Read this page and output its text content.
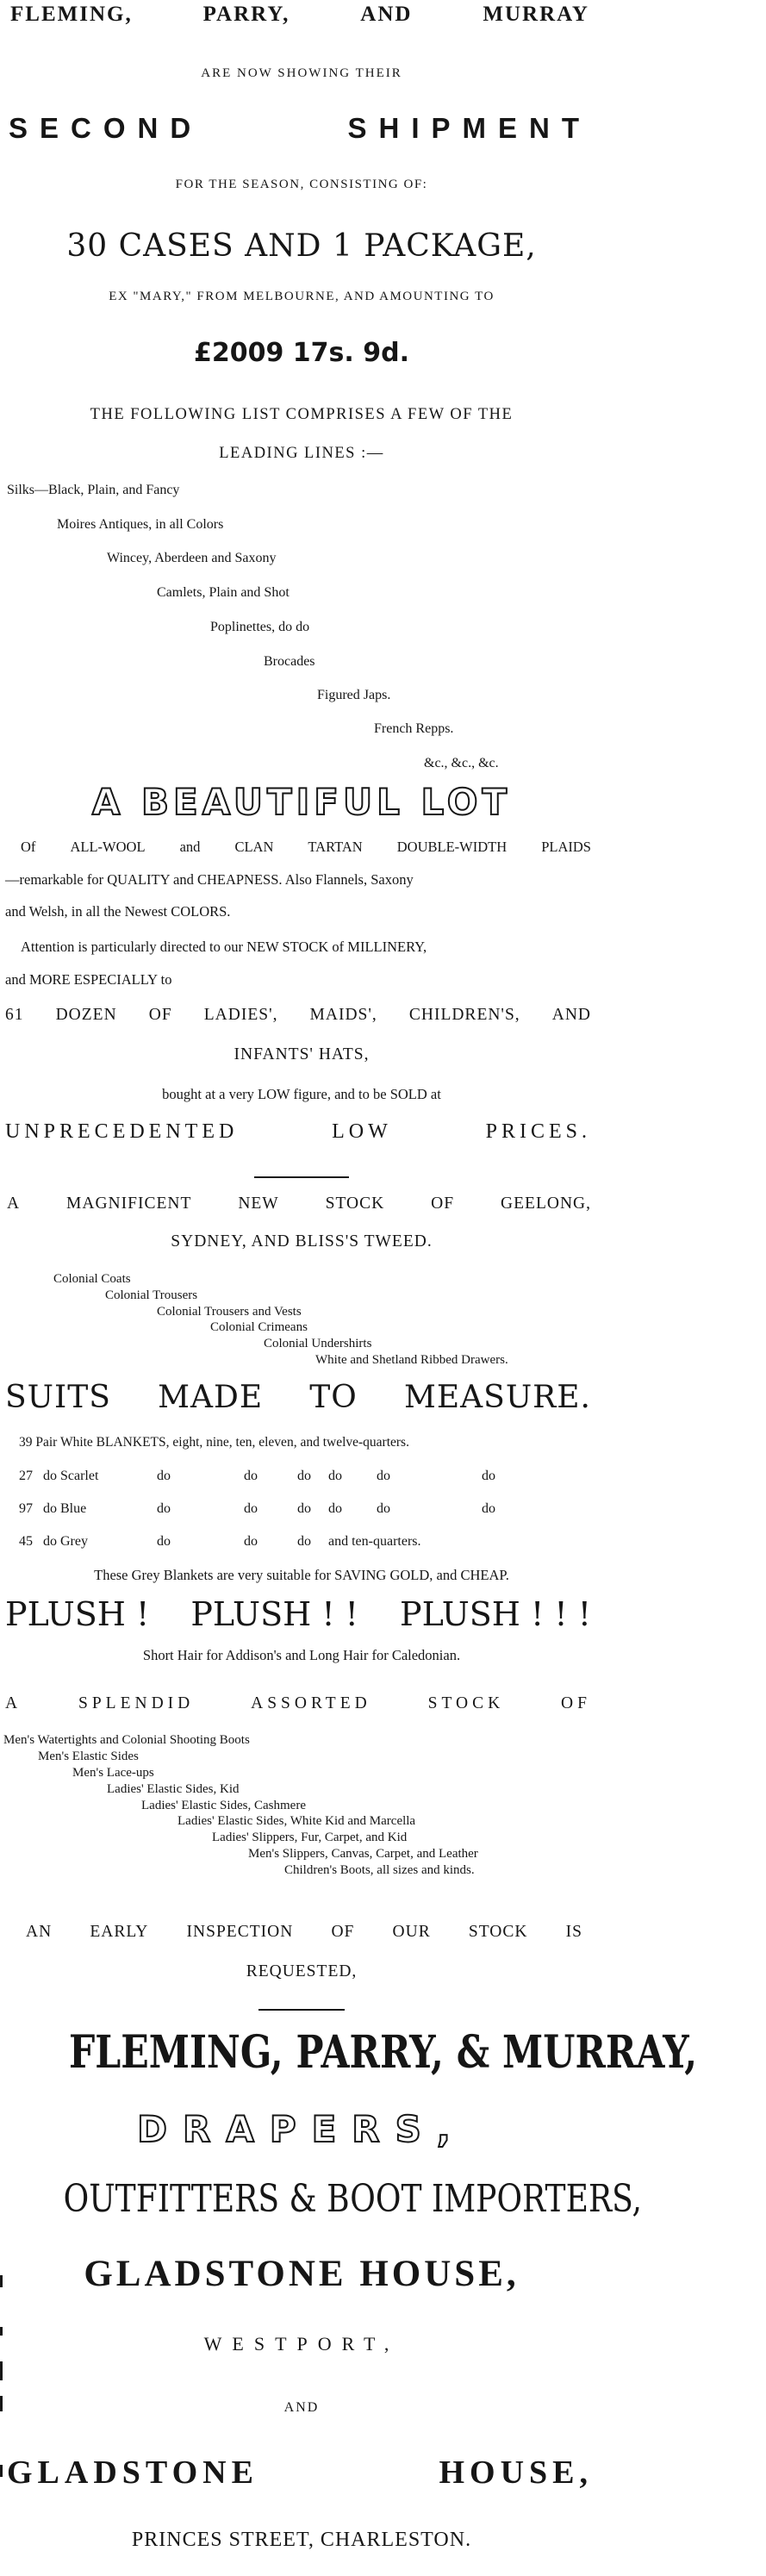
FLEMING,	PARRY,	AND	MURRAY
ARE NOW SHOWING THEIR
SECOND	SHIPMENT
FOR THE SEASON, CONSISTING OF:
30 CASES AND 1 PACKAGE,
EX "MARY," FROM MELBOURNE, AND AMOUNTING TO
£2009 17s. 9d.
THE FOLLOWING LIST COMPRISES A FEW OF THE
LEADING LINES :—
Silks—Black, Plain, and Fancy
Moires Antiques, in all Colors
Wincey, Aberdeen and Saxony
Camlets, Plain and Shot
Poplinettes, do do
Brocades
Figured Japs.
French Repps.
&c., &c., &c.
A BEAUTIFUL LOT
Of ALL-WOOL and CLAN TARTAN DOUBLE-WIDTH PLAIDS
—remarkable for QUALITY and CHEAPNESS. Also Flannels, Saxony
and Welsh, in all the Newest COLORS.
Attention is particularly directed to our NEW STOCK of MILLINERY,
and MORE ESPECIALLY to
61 DOZEN OF LADIES', MAIDS', CHILDREN'S, AND
INFANTS' HATS,
bought at a very LOW figure, and to be SOLD at
UNPRECEDENTED	LOW	PRICES.
A	MAGNIFICENT	NEW	STOCK	OF	GEELONG,
SYDNEY, AND BLISS'S TWEED.
Colonial Coats
Colonial Trousers
Colonial Trousers and Vests
Colonial Crimeans
Colonial Undershirts
White and Shetland Ribbed Drawers.
SUITS MADE TO MEASURE.
39 Pair White BLANKETS, eight, nine, ten, eleven, and twelve-quarters.
27 do Scarlet	do	do	do do	do	do
97 do Blue	do	do	do do	do	do
45 do Grey	do	do	do and ten-quarters.
These Grey Blankets are very suitable for SAVING GOLD, and CHEAP.
PLUSH ! PLUSH ! ! PLUSH ! ! !
Short Hair for Addison's and Long Hair for Caledonian.
A	SPLENDID	ASSORTED	STOCK	OF
Men's Watertights and Colonial Shooting Boots
Men's Elastic Sides
Men's Lace-ups
Ladies' Elastic Sides, Kid
Ladies' Elastic Sides, Cashmere
Ladies' Elastic Sides, White Kid and Marcella
Ladies' Slippers, Fur, Carpet, and Kid
Men's Slippers, Canvas, Carpet, and Leather
Children's Boots, all sizes and kinds.
AN EARLY INSPECTION OF OUR STOCK IS
REQUESTED,
FLEMING, PARRY, & MURRAY,
DRAPERS,
OUTFITTERS & BOOT IMPORTERS,
GLADSTONE HOUSE,
WESTPORT,
AND
GLADSTONE	HOUSE,
PRINCES STREET, CHARLESTON.
